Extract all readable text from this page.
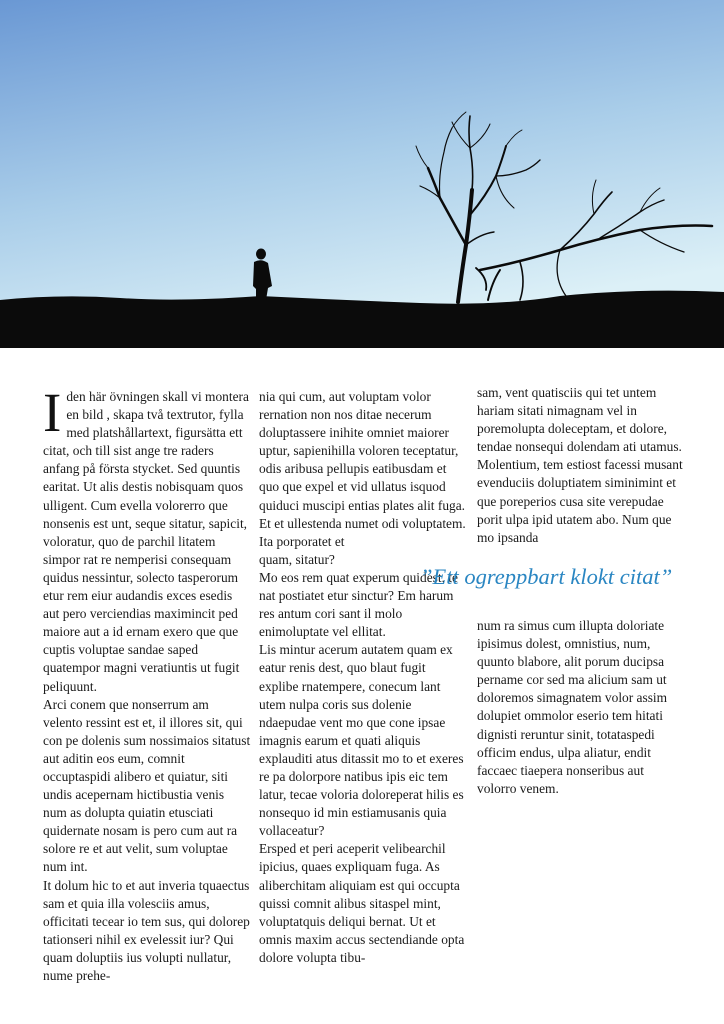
Iden här övningen skall vi montera en bild , skapa två textrutor, fylla med platshållartext, figursätta ett citat, och till sist ange tre raders anfang på första stycket. Sed quuntis earitat. Ut alis destis nobisquam quos ulligent. Cum evella volorerro que nonsenis est unt, seque sitatur, sapicit, voloratur, quo de parchil litatem simpor rat re nemperisi consequam quidus nessintur, solecto tasperorum etur rem eiur audandis exces esedis aut pero verciendias maximincit ped maiore aut a id ernam exero que que cuptis voluptae sandae saped quatempor magni veratiuntis ut fugit peliquunt.

Arci conem que nonserrum am velento ressint est et, il illores sit, qui con pe dolenis sum nossimaios sitatust aut aditin eos eum, comnit occuptaspidi alibero et quiatur, siti undis acepernam hictibustia venis num as dolupta quiatin etusciati quidernate nosam is pero cum aut ra solore re et aut velit, sum voluptae num int.

It dolum hic to et aut inveria tquaectus sam et quia illa volesciis amus, officitati tecear io tem sus, qui dolorep tationseri nihil ex evelessit iur? Qui quam doluptiis ius volupti nullatur, nume prehe-

nia qui cum, aut voluptam volor rernation non nos ditae necerum doluptassere inihite omniet maiorer uptur, sapienihilla voloren teceptatur, odis aribusa pellupis eatibusdam et quo que expel et vid ullatus isquod quiduci muscipi entias plates alit fuga. Et et ullestenda numet odi voluptatem.

Ita porporatet et quam, sitatur?

Mo eos rem quat experum quidest, te nat postiatet etur sinctur? Em harum res antum cori sant il molo enimoluptate vel ellitat.

Lis mintur acerum autatem quam ex eatur renis dest, quo blaut fugit explibe rnatempere, conecum lant utem nulpa coris sus dolenie ndaepudae vent mo que cone ipsae imagnis earum et quati aliquis explauditi atus ditassit mo to et exeres re pa dolorpore natibus ipis eic tem latur, tecae voloria doloreperat hilis es nonsequo id min estiamusanis quia vollaceatur?

Ersped et peri aceperit velibearchil ipicius, quaes expliquam fuga. As aliberchitam aliquiam est qui occupta quissi comnit alibus sitaspel mint, voluptatquis deliqui bernat. Ut et omnis maxim accus sectendiande opta dolore volupta tibu-

sam, vent quatisciis qui tet untem hariam sitati nimagnam vel in poremolupta doleceptam, et dolore, tendae nonsequi dolendam ati utamus. Molentium, tem estiost facessi musant evenduciis doluptiatem siminimint et que poreperios cusa site verepudae porit ulpa ipid utatem abo. Num que mo ipsanda

”Ett ogreppbart klokt citat”

num ra simus cum illupta doloriate ipisimus dolest, omnistius, num, quunto blabore, alit porum ducipsa pername cor sed ma alicium sam ut doloremos simagnatem volor assim dolupiet ommolor eserio tem hitati dignisti reruntur sinit, totataspedi officim endus, ulpa aliatur, endit faccaec tiaepera nonseribus aut volorro venem.
